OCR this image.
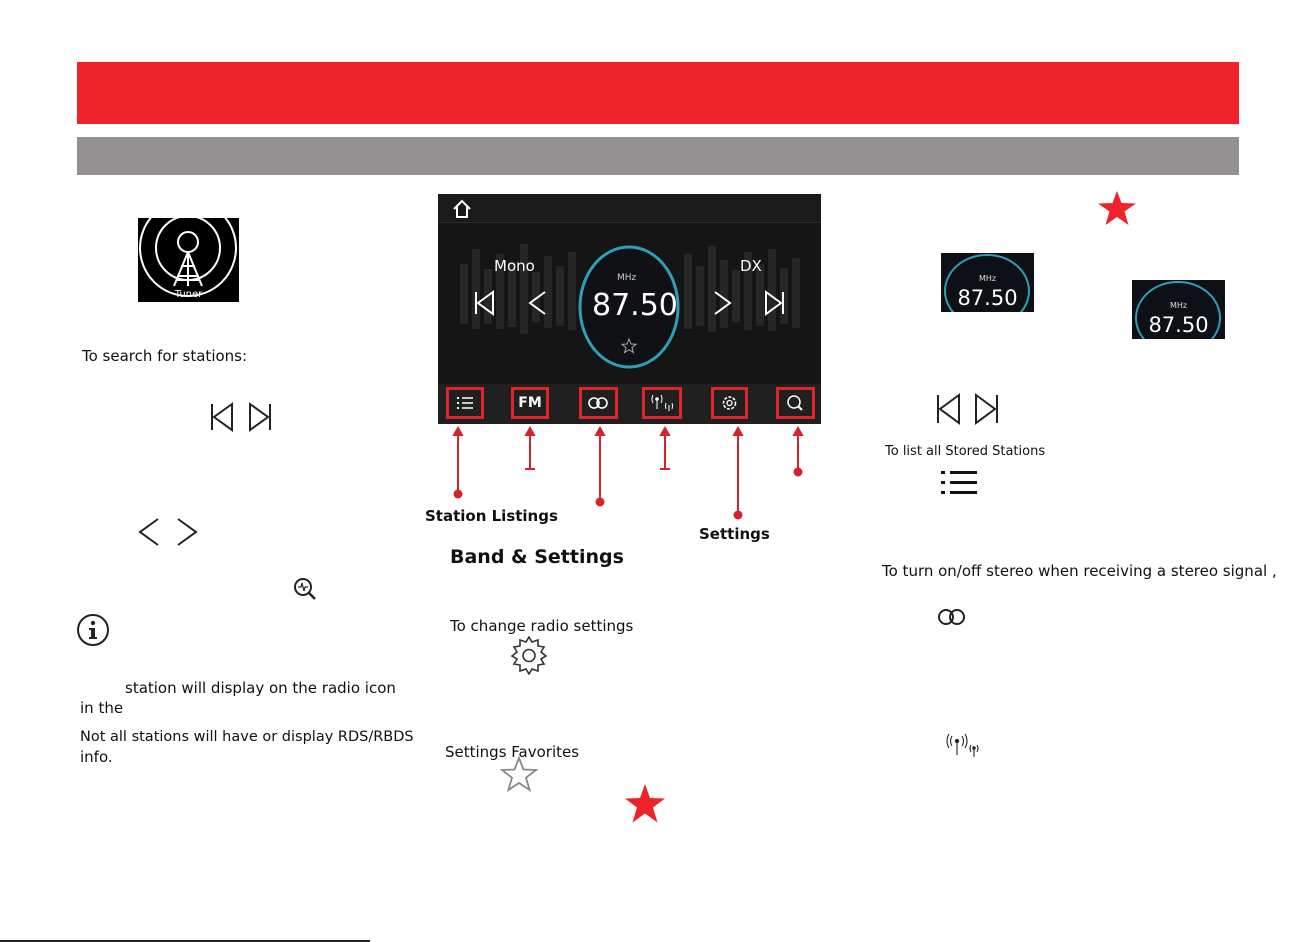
Tuner
To search for stations:
station will display on the radio icon
in the
Not all stations will have or display RDS/RBDS
info.
Mono	DX
MHz
87.50
FM
Station Listings
Settings
Band & Settings
To change radio settings
Settings Favorites
MHz
87.50	MHz
87.50
To list all Stored Stations
To turn on/off stereo when receiving a stereo signal ,
